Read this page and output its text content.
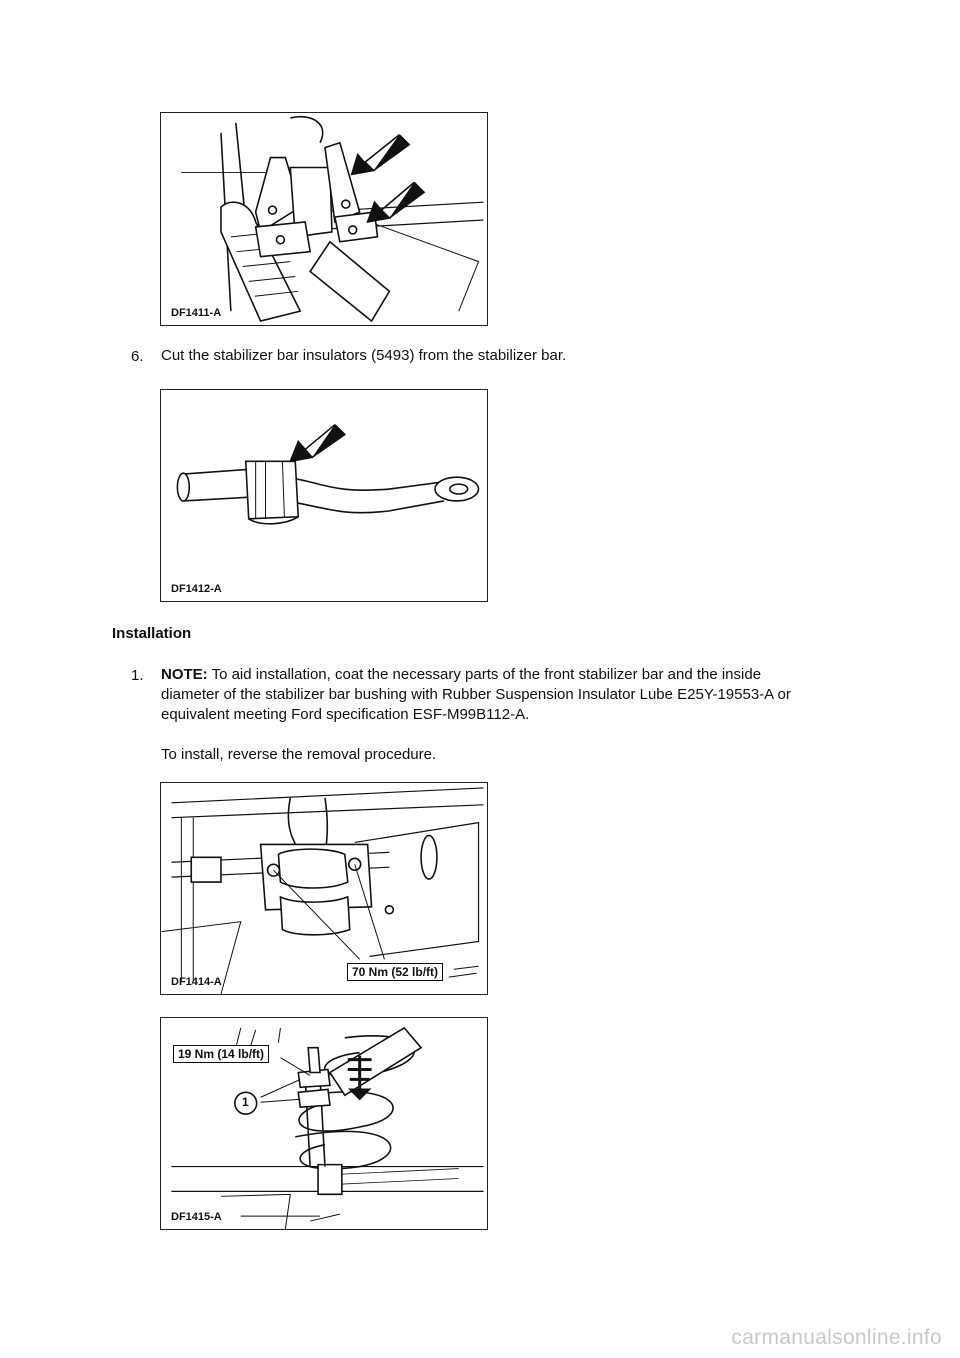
DF1411-A
6. Cut the stabilizer bar insulators (5493) from the stabilizer bar.
DF1412-A
Installation
1. NOTE: To aid installation, coat the necessary parts of the front stabilizer bar and the inside
diameter of the stabilizer bar bushing with Rubber Suspension Insulator Lube E25Y-19553-A or
equivalent meeting Ford specification ESF-M99B112-A.
To install, reverse the removal procedure.
DF1414-A
70 Nm (52 lb/ft)
DF1415-A
19 Nm (14 lb/ft)
1
carmanualsonline.info
